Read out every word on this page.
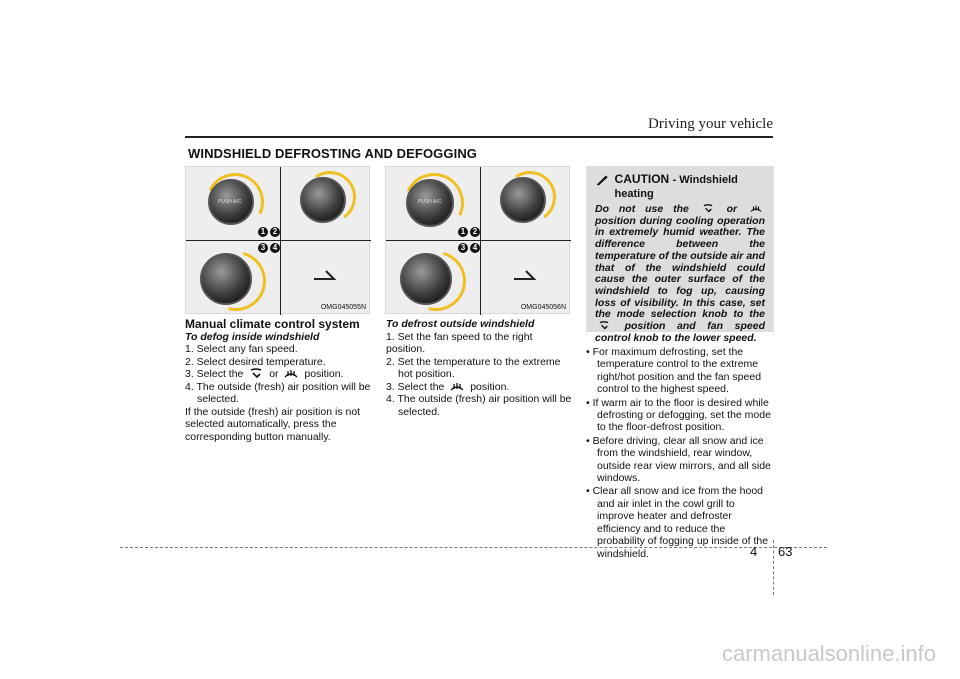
Driving your vehicle
WINDSHIELD DEFROSTING AND DEFOGGING
PUSH A/C
1 2
3 4
OMG045055N
PUSH A/C
1 2
3 4
OMG045056N

Manual climate control system

To defog inside windshield

1. Select any fan speed.

2. Select desired temperature.

3. Select the or position.

4. The outside (fresh) air position will be selected.

If the outside (fresh) air position is not selected automatically, press the corresponding button manually.

To defrost outside windshield

1. Set the fan speed to the right position.

2. Set the temperature to the extreme hot position.

3. Select the position.

4. The outside (fresh) air position will be selected.

CAUTION - Windshield heating
Do not use the	or  position during cooling operation in extremely humid weather. The difference between the temperature of the outside air and that of the windshield could cause the outer surface of the windshield to fog up, causing loss of visibility. In this case, set the mode selection knob to the  position and fan speed control knob to the lower speed.
• For maximum defrosting, set the temperature control to the extreme right/hot position and the fan speed control to the highest speed.
• If warm air to the floor is desired while defrosting or defogging, set the mode to the floor-defrost position.
• Before driving, clear all snow and ice from the windshield, rear window, outside rear view mirrors, and all side windows.
• Clear all snow and ice from the hood and air inlet in the cowl grill to improve heater and defroster efficiency and to reduce the probability of fogging up inside of the windshield.	4 63
carmanualsonline.info
